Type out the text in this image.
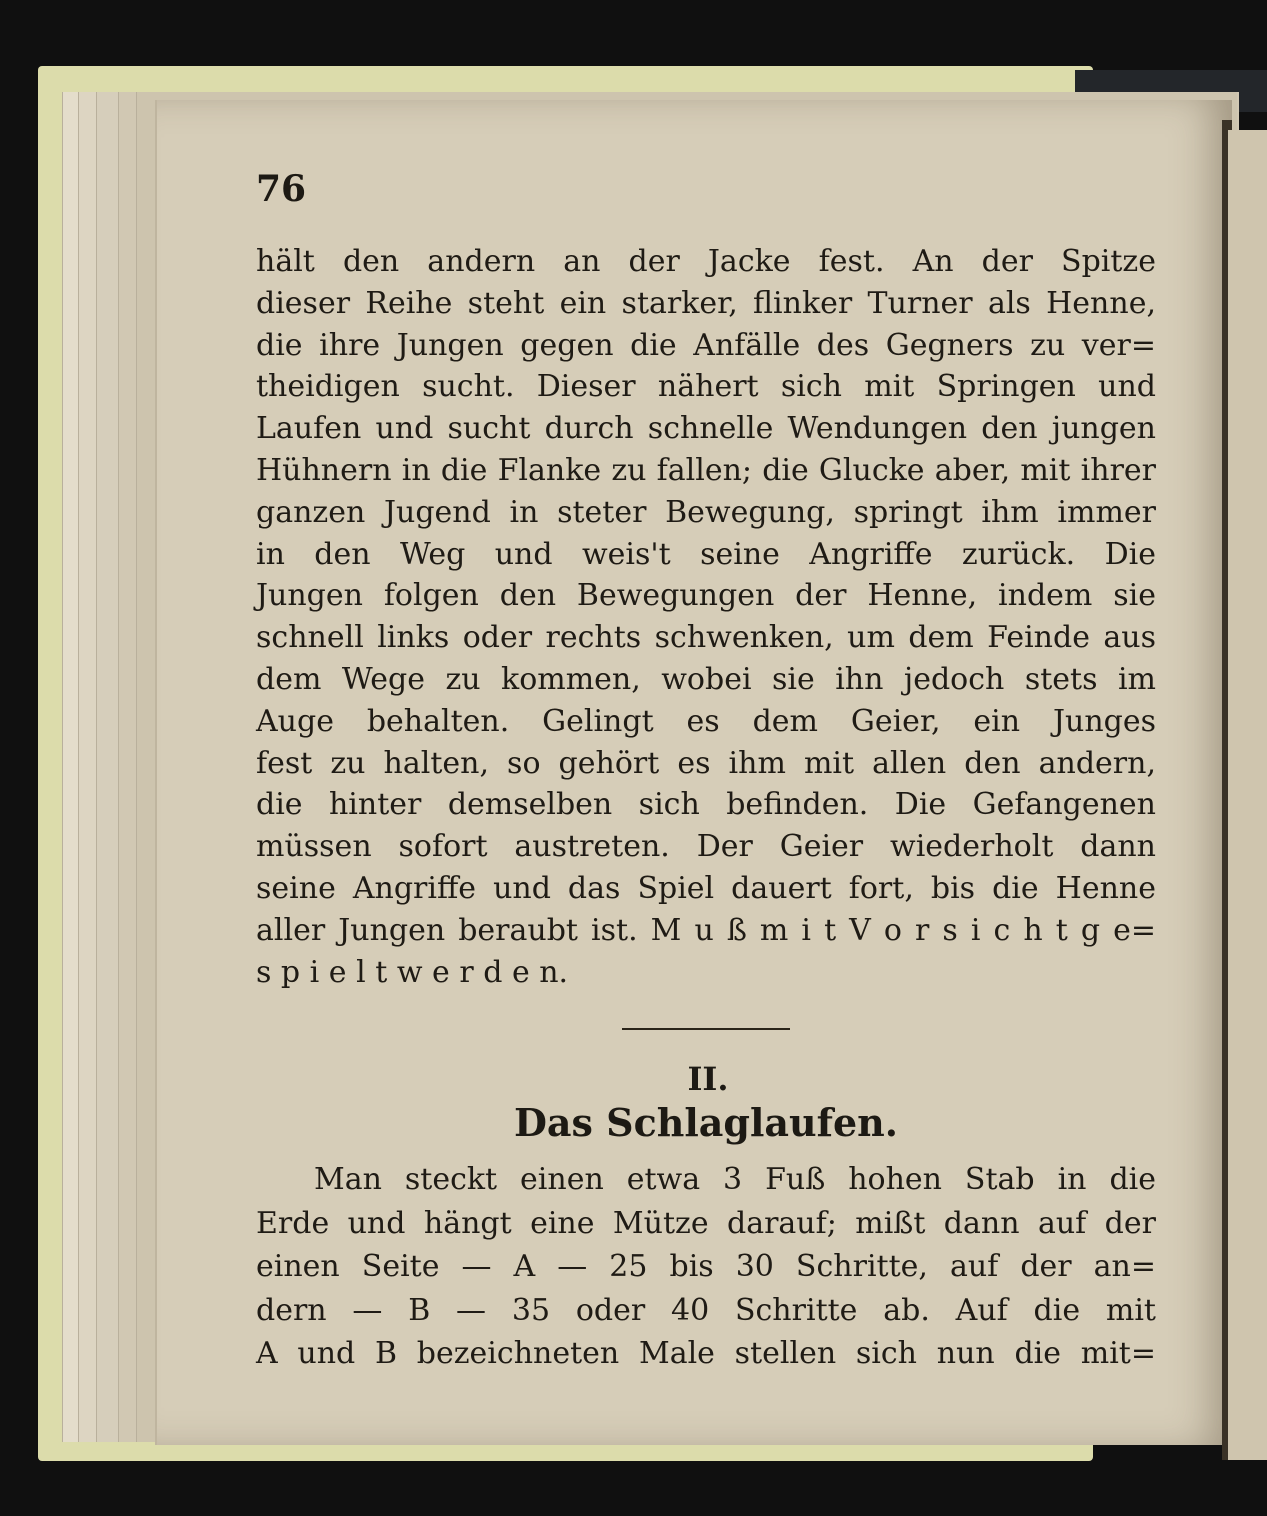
76

hält den andern an der Jacke fest. An der Spitze
dieser Reihe steht ein starker, flinker Turner als Henne,
die ihre Jungen gegen die Anfälle des Gegners zu ver=
theidigen sucht. Dieser nähert sich mit Springen und
Laufen und sucht durch schnelle Wendungen den jungen
Hühnern in die Flanke zu fallen; die Glucke aber, mit ihrer
ganzen Jugend in steter Bewegung, springt ihm immer
in den Weg und weis't seine Angriffe zurück. Die
Jungen folgen den Bewegungen der Henne, indem sie
schnell links oder rechts schwenken, um dem Feinde aus
dem Wege zu kommen, wobei sie ihn jedoch stets im
Auge behalten. Gelingt es dem Geier, ein Junges
fest zu halten, so gehört es ihm mit allen den andern,
die hinter demselben sich befinden. Die Gefangenen
müssen sofort austreten. Der Geier wiederholt dann
seine Angriffe und das Spiel dauert fort, bis die Henne
aller Jungen beraubt ist. M u ß m i t V o r s i c h t g e=
s p i e l t w e r d e n.

II.

Das Schlaglaufen.

Man steckt einen etwa 3 Fuß hohen Stab in die
Erde und hängt eine Mütze darauf; mißt dann auf der
einen Seite — A — 25 bis 30 Schritte, auf der an=
dern — B — 35 oder 40 Schritte ab. Auf die mit
A und B bezeichneten Male stellen sich nun die mit=
